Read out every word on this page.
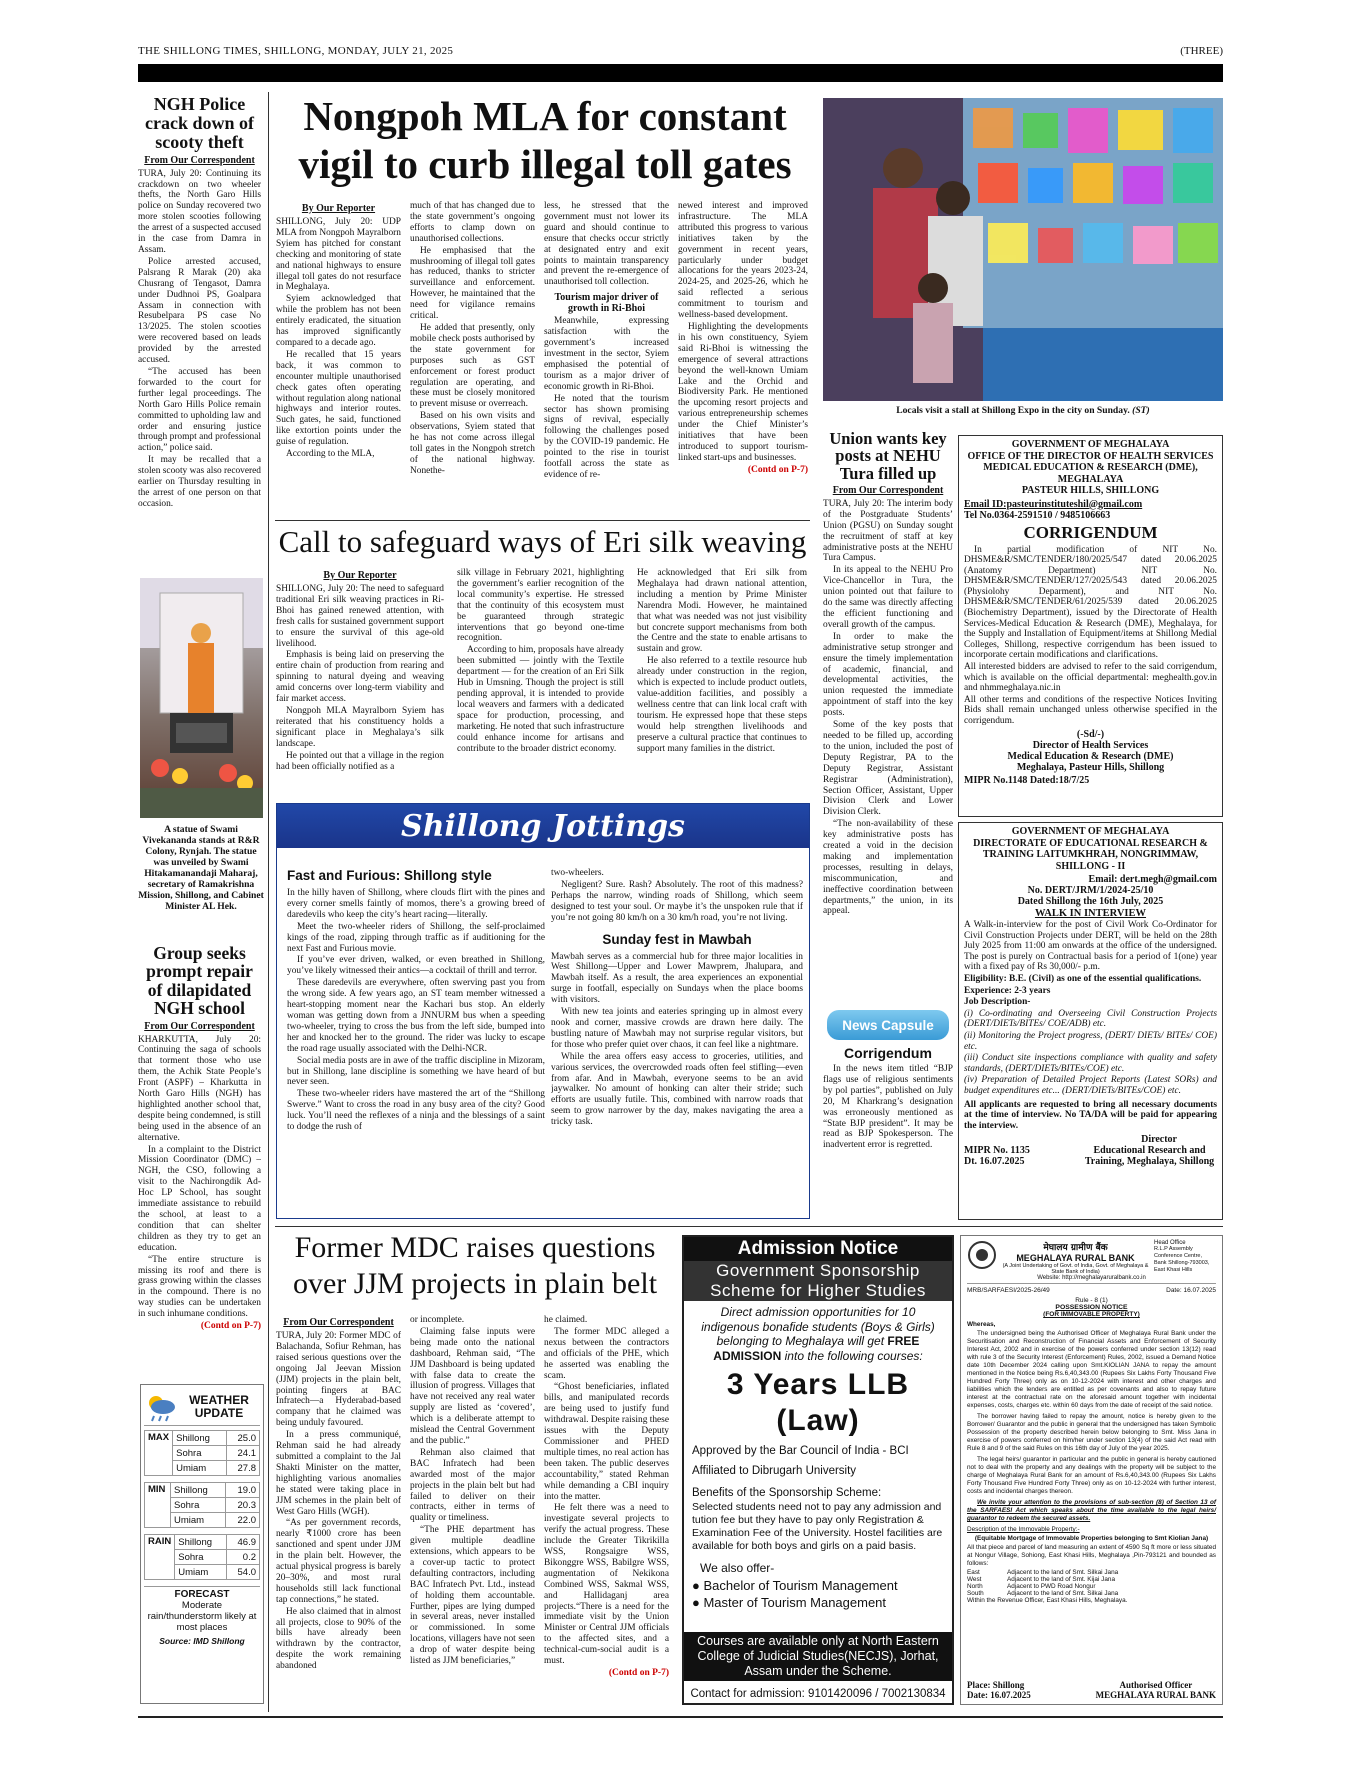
THE SHILLONG TIMES, SHILLONG, MONDAY, JULY 21, 2025	(THREE)
NGH Police crack down of scooty theft
From Our Correspondent

TURA, July 20: Continuing its crackdown on two wheeler thefts, the North Garo Hills police on Sunday recovered two more stolen scooties following the arrest of a suspected accused in the case from Damra in Assam.

Police arrested accused, Palsrang R Marak (20) aka Chusrang of Tengasot, Damra under Dudhnoi PS, Goalpara Assam in connection with Resubelpara PS case No 13/2025. The stolen scooties were recovered based on leads provided by the arrested accused.

“The accused has been forwarded to the court for further legal proceedings. The North Garo Hills Police remain committed to upholding law and order and ensuring justice through prompt and professional action,” police said.

It may be recalled that a stolen scooty was also recovered earlier on Thursday resulting in the arrest of one person on that occasion.

A statue of Swami Vivekananda stands at R&R Colony, Rynjah. The statue was unveiled by Swami Hitakamanandaji Maharaj, secretary of Ramakrishna Mission, Shillong, and Cabinet Minister AL Hek.
Group seeks prompt repair of dilapidated NGH school
From Our Correspondent

KHARKUTTA, July 20: Continuing the saga of schools that torment those who use them, the Achik State People’s Front (ASPF) – Kharkutta in North Garo Hills (NGH) has highlighted another school that, despite being condemned, is still being used in the absence of an alternative.

In a complaint to the District Mission Coordinator (DMC) – NGH, the CSO, following a visit to the Nachirongdik Ad-Hoc LP School, has sought immediate assistance to rebuild the school, at least to a condition that can shelter children as they try to get an education.

“The entire structure is missing its roof and there is grass growing within the classes in the compound. There is no way studies can be undertaken in such inhumane conditions.

(Contd on P-7)
WEATHER UPDATE
MAX	Shillong	25.0
	Sohra	24.1
	Umiam	27.8
MIN	Shillong	19.0
	Sohra	20.3
	Umiam	22.0
RAIN	Shillong	46.9
	Sohra	0.2
	Umiam	54.0
FORECAST
Moderate rain/thunderstorm likely at most places
Source: IMD Shillong
Nongpoh MLA for constant vigil to curb illegal toll gates
By Our Reporter

SHILLONG, July 20: UDP MLA from Nongpoh Mayralborn Syiem has pitched for constant checking and monitoring of state and national highways to ensure illegal toll gates do not resurface in Meghalaya.

Syiem acknowledged that while the problem has not been entirely eradicated, the situation has improved significantly compared to a decade ago.

He recalled that 15 years back, it was common to encounter multiple unauthorised check gates often operating without regulation along national highways and interior routes. Such gates, he said, functioned like extortion points under the guise of regulation.

According to the MLA,

much of that has changed due to the state government’s ongoing efforts to clamp down on unauthorised collections.

He emphasised that the mushrooming of illegal toll gates has reduced, thanks to stricter surveillance and enforcement. However, he maintained that the need for vigilance remains critical.

He added that presently, only mobile check posts authorised by the state government for purposes such as GST enforcement or forest product regulation are operating, and these must be closely monitored to prevent misuse or overreach.

Based on his own visits and observations, Syiem stated that he has not come across illegal toll gates in the Nongpoh stretch of the national highway. Nonethe-

less, he stressed that the government must not lower its guard and should continue to ensure that checks occur strictly at designated entry and exit points to maintain transparency and prevent the re-emergence of unauthorised toll collection.

Tourism major driver of growth in Ri-Bhoi

Meanwhile, expressing satisfaction with the government’s increased investment in the sector, Syiem emphasised the potential of tourism as a major driver of economic growth in Ri-Bhoi.

He noted that the tourism sector has shown promising signs of revival, especially following the challenges posed by the COVID-19 pandemic. He pointed to the rise in tourist footfall across the state as evidence of re-

newed interest and improved infrastructure. The MLA attributed this progress to various initiatives taken by the government in recent years, particularly under budget allocations for the years 2023-24, 2024-25, and 2025-26, which he said reflected a serious commitment to tourism and wellness-based development.

Highlighting the developments in his own constituency, Syiem said Ri-Bhoi is witnessing the emergence of several attractions beyond the well-known Umiam Lake and the Orchid and Biodiversity Park. He mentioned the upcoming resort projects and various entrepreneurship schemes under the Chief Minister’s initiatives that have been introduced to support tourism-linked start-ups and businesses.

(Contd on P-7)
Locals visit a stall at Shillong Expo in the city on Sunday. (ST)
Call to safeguard ways of Eri silk weaving
By Our Reporter

SHILLONG, July 20: The need to safeguard traditional Eri silk weaving practices in Ri-Bhoi has gained renewed attention, with fresh calls for sustained government support to ensure the survival of this age-old livelihood.

Emphasis is being laid on preserving the entire chain of production from rearing and spinning to natural dyeing and weaving amid concerns over long-term viability and fair market access.

Nongpoh MLA Mayralborn Syiem has reiterated that his constituency holds a significant place in Meghalaya’s silk landscape.

He pointed out that a village in the region had been officially notified as a

silk village in February 2021, highlighting the government’s earlier recognition of the local community’s expertise. He stressed that the continuity of this ecosystem must be guaranteed through strategic interventions that go beyond one-time recognition.

According to him, proposals have already been submitted — jointly with the Textile department — for the creation of an Eri Silk Hub in Umsning. Though the project is still pending approval, it is intended to provide local weavers and farmers with a dedicated space for production, processing, and marketing. He noted that such infrastructure could enhance income for artisans and contribute to the broader district economy.

He acknowledged that Eri silk from Meghalaya had drawn national attention, including a mention by Prime Minister Narendra Modi. However, he maintained that what was needed was not just visibility but concrete support mechanisms from both the Centre and the state to enable artisans to sustain and grow.

He also referred to a textile resource hub already under construction in the region, which is expected to include product outlets, value-addition facilities, and possibly a wellness centre that can link local craft with tourism. He expressed hope that these steps would help strengthen livelihoods and preserve a cultural practice that continues to support many families in the district.

Shillong Jottings
Fast and Furious: Shillong style

In the hilly haven of Shillong, where clouds flirt with the pines and every corner smells faintly of momos, there’s a growing breed of daredevils who keep the city’s heart racing—literally.

Meet the two-wheeler riders of Shillong, the self-proclaimed kings of the road, zipping through traffic as if auditioning for the next Fast and Furious movie.

If you’ve ever driven, walked, or even breathed in Shillong, you’ve likely witnessed their antics—a cocktail of thrill and terror.

These daredevils are everywhere, often swerving past you from the wrong side. A few years ago, an ST team member witnessed a heart-stopping moment near the Kachari bus stop. An elderly woman was getting down from a JNNURM bus when a speeding two-wheeler, trying to cross the bus from the left side, bumped into her and knocked her to the ground. The rider was lucky to escape the road rage usually associated with the Delhi-NCR.

Social media posts are in awe of the traffic discipline in Mizoram, but in Shillong, lane discipline is something we have heard of but never seen.

These two-wheeler riders have mastered the art of the “Shillong Swerve.” Want to cross the road in any busy area of the city? Good luck. You’ll need the reflexes of a ninja and the blessings of a saint to dodge the rush of

two-wheelers.

Negligent? Sure. Rash? Absolutely. The root of this madness? Perhaps the narrow, winding roads of Shillong, which seem designed to test your soul. Or maybe it’s the unspoken rule that if you’re not going 80 km/h on a 30 km/h road, you’re not living.

Sunday fest in Mawbah

Mawbah serves as a commercial hub for three major localities in West Shillong—Upper and Lower Mawprem, Jhalupara, and Mawbah itself. As a result, the area experiences an exponential surge in footfall, especially on Sundays when the place booms with visitors.

With new tea joints and eateries springing up in almost every nook and corner, massive crowds are drawn here daily. The bustling nature of Mawbah may not surprise regular visitors, but for those who prefer quiet over chaos, it can feel like a nightmare.

While the area offers easy access to groceries, utilities, and various services, the overcrowded roads often feel stifling—even from afar. And in Mawbah, everyone seems to be an avid jaywalker. No amount of honking can alter their stride; such efforts are usually futile. This, combined with narrow roads that seem to grow narrower by the day, makes navigating the area a tricky task.

Union wants key posts at NEHU Tura filled up
From Our Correspondent

TURA, July 20: The interim body of the Postgraduate Students’ Union (PGSU) on Sunday sought the recruitment of staff at key administrative posts at the NEHU Tura Campus.

In its appeal to the NEHU Pro Vice-Chancellor in Tura, the union pointed out that failure to do the same was directly affecting the efficient functioning and overall growth of the campus.

In order to make the administrative setup stronger and ensure the timely implementation of academic, financial, and developmental activities, the union requested the immediate appointment of staff into the key posts.

Some of the key posts that needed to be filled up, according to the union, included the post of Deputy Registrar, PA to the Deputy Registrar, Assistant Registrar (Administration), Section Officer, Assistant, Upper Division Clerk and Lower Division Clerk.

“The non-availability of these key administrative posts has created a void in the decision making and implementation processes, resulting in delays, miscommunication, and ineffective coordination between departments,” the union, in its appeal.

News Capsule
Corrigendum

In the news item titled “BJP flags use of religious sentiments by pol parties”, published on July 20, M Kharkrang’s designation was erroneously mentioned as “State BJP president”. It may be read as BJP Spokesperson. The inadvertent error is regretted.

GOVERNMENT OF MEGHALAYA
OFFICE OF THE DIRECTOR OF HEALTH SERVICES MEDICAL EDUCATION & RESEARCH (DME), MEGHALAYA
PASTEUR HILLS, SHILLONG
Email ID:pasteurinstituteshil@gmail.com
Tel No.0364-2591510 / 9485106663
CORRIGENDUM

In partial modification of NIT No. DHSME&R/SMC/TENDER/180/2025/547 dated 20.06.2025 (Anatomy Department) NIT No. DHSME&R/SMC/TENDER/127/2025/543 dated 20.06.2025 (Physiolohy Deparment), and NIT No. DHSME&R/SMC/TENDER/61/2025/539 dated 20.06.2025 (Biochemistry Department), issued by the Directorate of Health Services-Medical Education & Research (DME), Meghalaya, for the Supply and Installation of Equipment/items at Shillong Medial Colleges, Shillong, respective corrigendum has been issued to incorporate certain modifications and clarifications.

All interested bidders are advised to refer to the said corrigendum, which is available on the official departmental: meghealth.gov.in and nhmmeghalaya.nic.in

All other terms and conditions of the respective Notices Inviting Bids shall remain unchanged unless otherwise specified in the corrigendum.

(-Sd/-)
Director of Health Services
Medical Education & Research (DME)
Meghalaya, Pasteur Hills, Shillong
MIPR No.1148 Dated:18/7/25
GOVERNMENT OF MEGHALAYA
DIRECTORATE OF EDUCATIONAL RESEARCH & TRAINING LAITUMKHRAH, NONGRIMMAW, SHILLONG - II
Email: dert.megh@gmail.com
No. DERT/JRM/1/2024-25/10
Dated Shillong the 16th July, 2025
WALK IN INTERVIEW

A Walk-in-interview for the post of Civil Work Co-Ordinator for Civil Construction Projects under DERT, will be held on the 28th July 2025 from 11:00 am onwards at the office of the undersigned. The post is purely on Contractual basis for a period of 1(one) year with a fixed pay of Rs 30,000/- p.m.

Eligibility: B.E. (Civil) as one of the essential qualifications.

Experience: 2-3 years

Job Description-

(i) Co-ordinating and Overseeing Civil Construction Projects (DERT/DIETs/BITEs/ COE/ADB) etc.

(ii) Monitoring the Project progress, (DERT/ DIETs/ BITEs/ COE) etc.

(iii) Conduct site inspections compliance with quality and safety standards, (DERT/DIETs/BITEs/COE) etc.

(iv) Preparation of Detailed Project Reports (Latest SORs) and budget expenditures etc... (DERT/DIETs/BITEs/COE) etc.

All applicants are requested to bring all necessary documents at the time of interview. No TA/DA will be paid for appearing the interview.

Director
MIPR No. 1135
Dt. 16.07.2025
Educational Research and Training, Meghalaya, Shillong
Former MDC raises questions over JJM projects in plain belt
From Our Correspondent

TURA, July 20: Former MDC of Balachanda, Sofiur Rehman, has raised serious questions over the ongoing Jal Jeevan Mission (JJM) projects in the plain belt, pointing fingers at BAC Infratech—a Hyderabad-based company that he claimed was being unduly favoured.

In a press communiqué, Rehman said he had already submitted a complaint to the Jal Shakti Minister on the matter, highlighting various anomalies he stated were taking place in JJM schemes in the plain belt of West Garo Hills (WGH).

“As per government records, nearly ₹1000 crore has been sanctioned and spent under JJM in the plain belt. However, the actual physical progress is barely 20–30%, and most rural households still lack functional tap connections,” he stated.

He also claimed that in almost all projects, close to 90% of the bills have already been withdrawn by the contractor, despite the work remaining abandoned

or incomplete.

Claiming false inputs were being made onto the national dashboard, Rehman said, “The JJM Dashboard is being updated with false data to create the illusion of progress. Villages that have not received any real water supply are listed as ‘covered’, which is a deliberate attempt to mislead the Central Government and the public.”

Rehman also claimed that BAC Infratech had been awarded most of the major projects in the plain belt but had failed to deliver on their contracts, either in terms of quality or timeliness.

“The PHE department has given multiple deadline extensions, which appears to be a cover-up tactic to protect defaulting contractors, including BAC Infratech Pvt. Ltd., instead of holding them accountable. Further, pipes are lying dumped in several areas, never installed or commissioned. In some locations, villagers have not seen a drop of water despite being listed as JJM beneficiaries,”

he claimed.

The former MDC alleged a nexus between the contractors and officials of the PHE, which he asserted was enabling the scam.

“Ghost beneficiaries, inflated bills, and manipulated records are being used to justify fund withdrawal. Despite raising these issues with the Deputy Commissioner and PHED multiple times, no real action has been taken. The public deserves accountability,” stated Rehman while demanding a CBI inquiry into the matter.

He felt there was a need to investigate several projects to verify the actual progress. These include the Greater Tikrikilla WSS, Rongsaigre WSS, Bikonggre WSS, Babilgre WSS, augmentation of Nekikona Combined WSS, Sakmal WSS, and Hallidaganj area projects.“There is a need for the immediate visit by the Union Minister or Central JJM officials to the affected sites, and a technical-cum-social audit is a must.

(Contd on P-7)
Admission Notice
Government Sponsorship
Scheme for Higher Studies
Direct admission opportunities for 10 indigenous bonafide students (Boys & Girls) belonging to Meghalaya will get FREE ADMISSION into the following courses:
3 Years LLB (Law)
Approved by the Bar Council of India - BCI
Affiliated to Dibrugarh University
Benefits of the Sponsorship Scheme:
Selected students need not to pay any admission and tution fee but they have to pay only Registration & Examination Fee of the University. Hostel facilities are available for both boys and girls on a paid basis.
We also offer-
● Bachelor of Tourism Management
● Master of Tourism Management
Courses are available only at North Eastern College of Judicial Studies(NECJS), Jorhat, Assam under the Scheme.
Contact for admission: 9101420096 / 7002130834
मेघालय ग्रामीण बैंक
MEGHALAYA RURAL BANK
(A Joint Undertaking of Govt. of India, Govt. of Meghalaya & State Bank of India)
Head Office
R.L.P Assembly Conference Centre, Bank Shillong-793003, East Khasi Hills
Website: http://meghalayaruralbank.co.in
MRB/SARFAESI/2025-26/49	Date: 16.07.2025
Rule - 8 (1)
POSSESSION NOTICE
(FOR IMMOVABLE PROPERTY)

Whereas,

The undersigned being the Authorised Officer of Meghalaya Rural Bank under the Securitisation and Reconstruction of Financial Assets and Enforcement of Security Interest Act, 2002 and in exercise of the powers conferred under section 13(12) read with rule 3 of the Security Interest (Enforcement) Rules, 2002, issued a Demand Notice date 10th December 2024 calling upon Smt.KIOLIAN JANA to repay the amount mentioned in the Notice being Rs.6,40,343.00 (Rupees Six Lakhs Forty Thousand Five Hundred Forty Three) only as on 10-12-2024 with interest and other charges and liabilities which the lenders are entitled as per covenants and also to repay future interest at the contractual rate on the aforesaid amount together with incidental expenses, costs, charges etc. within 60 days from the date of receipt of the said notice.

The borrower having failed to repay the amount, notice is hereby given to the Borrower/ Guarantor and the public in general that the undersigned has taken Symbolic Possession of the property described herein below belonging to Smt. Miss Jana in exercise of powers conferred on him/her under section 13(4) of the said Act read with Rule 8 and 9 of the said Rules on this 16th day of July of the year 2025.

The legal heirs/ guarantor in particular and the public in general is hereby cautioned not to deal with the property and any dealings with the property will be subject to the charge of Meghalaya Rural Bank for an amount of Rs.6,40,343.00 (Rupees Six Lakhs Forty Thousand Five Hundred Forty Three) only as on 10-12-2024 with further interest, costs and incidental charges thereon.

We invite your attention to the provisions of sub-section (8) of Section 13 of the SARFAESI Act which speaks about the time available to the legal heirs/ guarantor to redeem the secured assets.

Description of the Immovable Property:-

(Equitable Mortgage of Immovable Properties belonging to Smt Kiolian Jana)

All that piece and parcel of land measuring an extent of 4590 Sq ft more or less situated at Nongur Village, Sohiong, East Khasi Hills, Meghalaya ,Pin-793121 and bounded as follows:

East	Adjacent to the land of Smt. Silkai Jana
West	Adjacent to the land of Smt. Kijai Jana
North	Adjacent to PWD Road Nongur
South	Adjacent to the land of Smt. Silkai Jana

Within the Revenue Officer, East Khasi Hills, Meghalaya.

Place: Shillong
Date: 16.07.2025
Authorised Officer
MEGHALAYA RURAL BANK
